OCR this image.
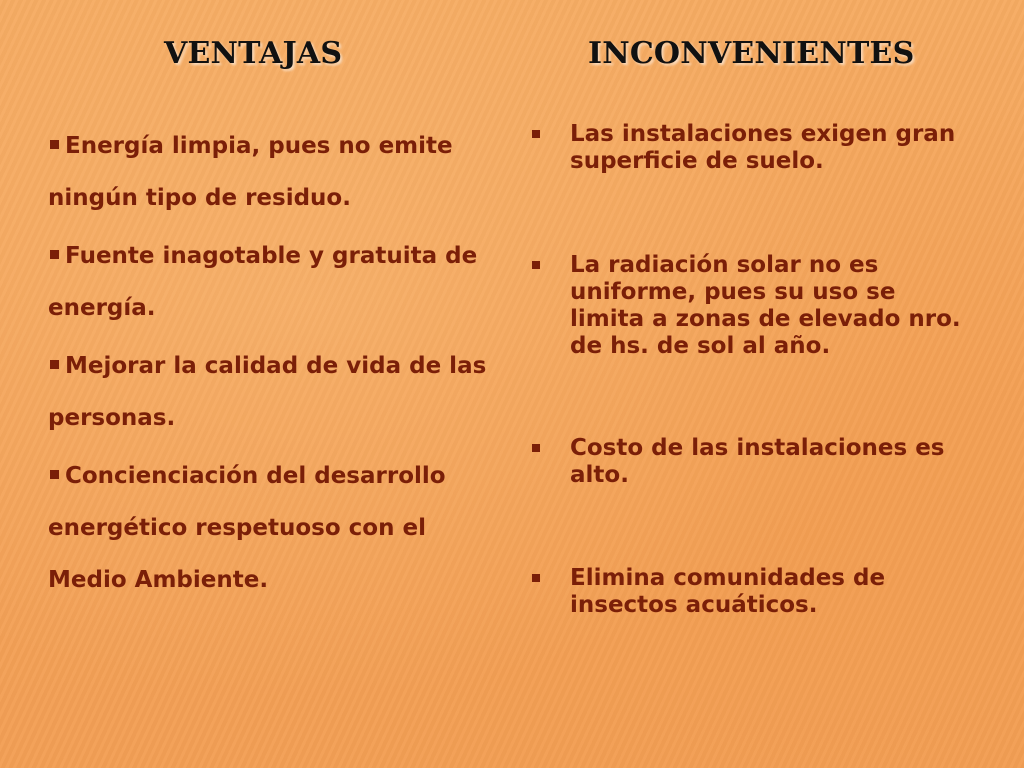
VENTAJAS	INCONVENIENTES

Energía limpia, pues no emite ningún tipo de residuo.

Fuente inagotable y gratuita de energía.

Mejorar la calidad de vida de las personas.

Concienciación del desarrollo energético respetuoso con el Medio Ambiente.

Las instalaciones exigen gran superficie de suelo.
La radiación solar no es uniforme, pues su uso se limita a zonas de elevado nro. de hs. de sol al año.
Costo de las instalaciones es alto.
Elimina comunidades de insectos acuáticos.
